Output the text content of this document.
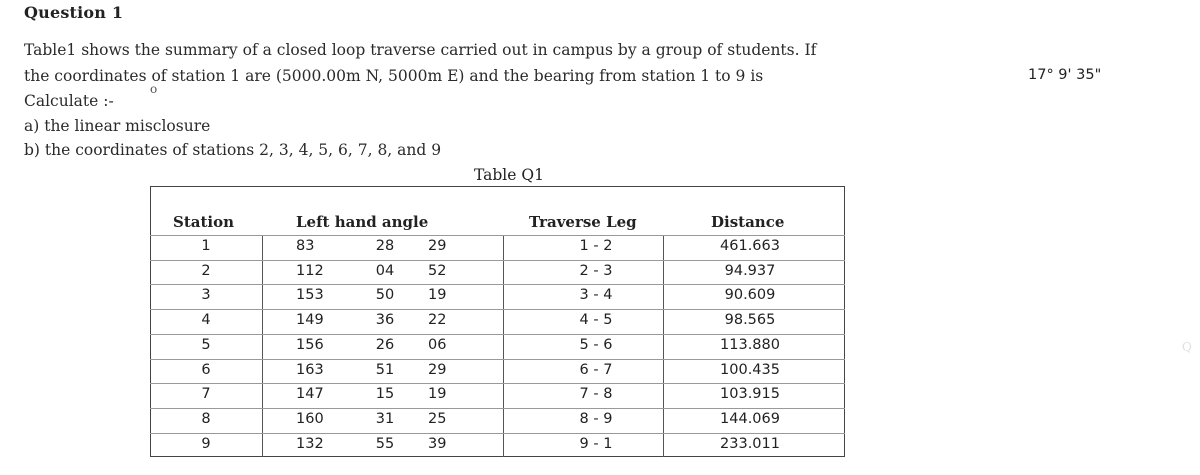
Question 1
Table1 shows the summary of a closed loop traverse carried out in campus by a group of students. If
the coordinates of station 1 are (5000.00m N, 5000m E) and the bearing from station 1 to 9 is	17° 9' 35"
Calculate :-
o
a) the linear misclosure
b) the coordinates of stations 2, 3, 4, 5, 6, 7, 8, and 9
Table Q1
Station	Left hand angle	Traverse Leg	Distance
1	83	28	29	1 - 2	461.663
2	112	04	52	2 - 3	94.937
3	153	50	19	3 - 4	90.609
4	149	36	22	4 - 5	98.565
5	156	26	06	5 - 6	113.880
6	163	51	29	6 - 7	100.435
7	147	15	19	7 - 8	103.915
8	160	31	25	8 - 9	144.069
9	132	55	39	9 - 1	233.011
Q
